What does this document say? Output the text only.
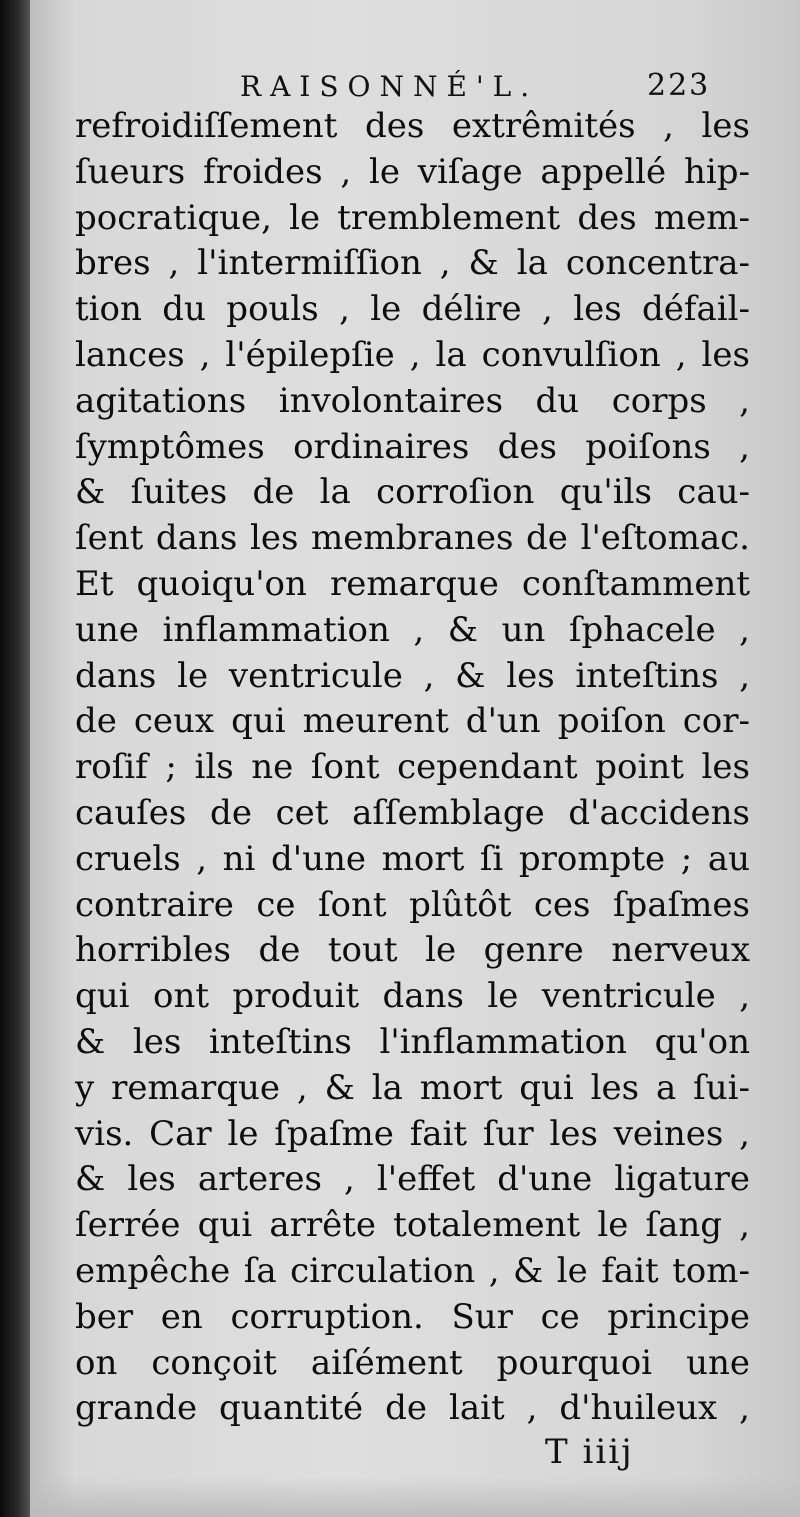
RAISONNÉ'L.	223
refroidiſſement des extrêmités , les
ſueurs froides , le viſage appellé hip-
pocratique, le tremblement des mem-
bres , l'intermiſſion , & la concentra-
tion du pouls , le délire , les défail-
lances , l'épilepſie , la convulſion , les
agitations involontaires du corps ,
ſymptômes ordinaires des poiſons ,
& ſuites de la corroſion qu'ils cau-
ſent dans les membranes de l'eſtomac.
Et quoiqu'on remarque conſtamment
une inflammation , & un ſphacele ,
dans le ventricule , & les inteſtins ,
de ceux qui meurent d'un poiſon cor-
roſif ; ils ne ſont cependant point les
cauſes de cet aſſemblage d'accidens
cruels , ni d'une mort ſi prompte ; au
contraire ce ſont plûtôt ces ſpaſmes
horribles de tout le genre nerveux
qui ont produit dans le ventricule ,
& les inteſtins l'inflammation qu'on
y remarque , & la mort qui les a ſui-
vis. Car le ſpaſme fait ſur les veines ,
& les arteres , l'effet d'une ligature
ſerrée qui arrête totalement le ſang ,
empêche ſa circulation , & le fait tom-
ber en corruption. Sur ce principe
on conçoit aiſément pourquoi une
grande quantité de lait , d'huileux ,
T iiij
